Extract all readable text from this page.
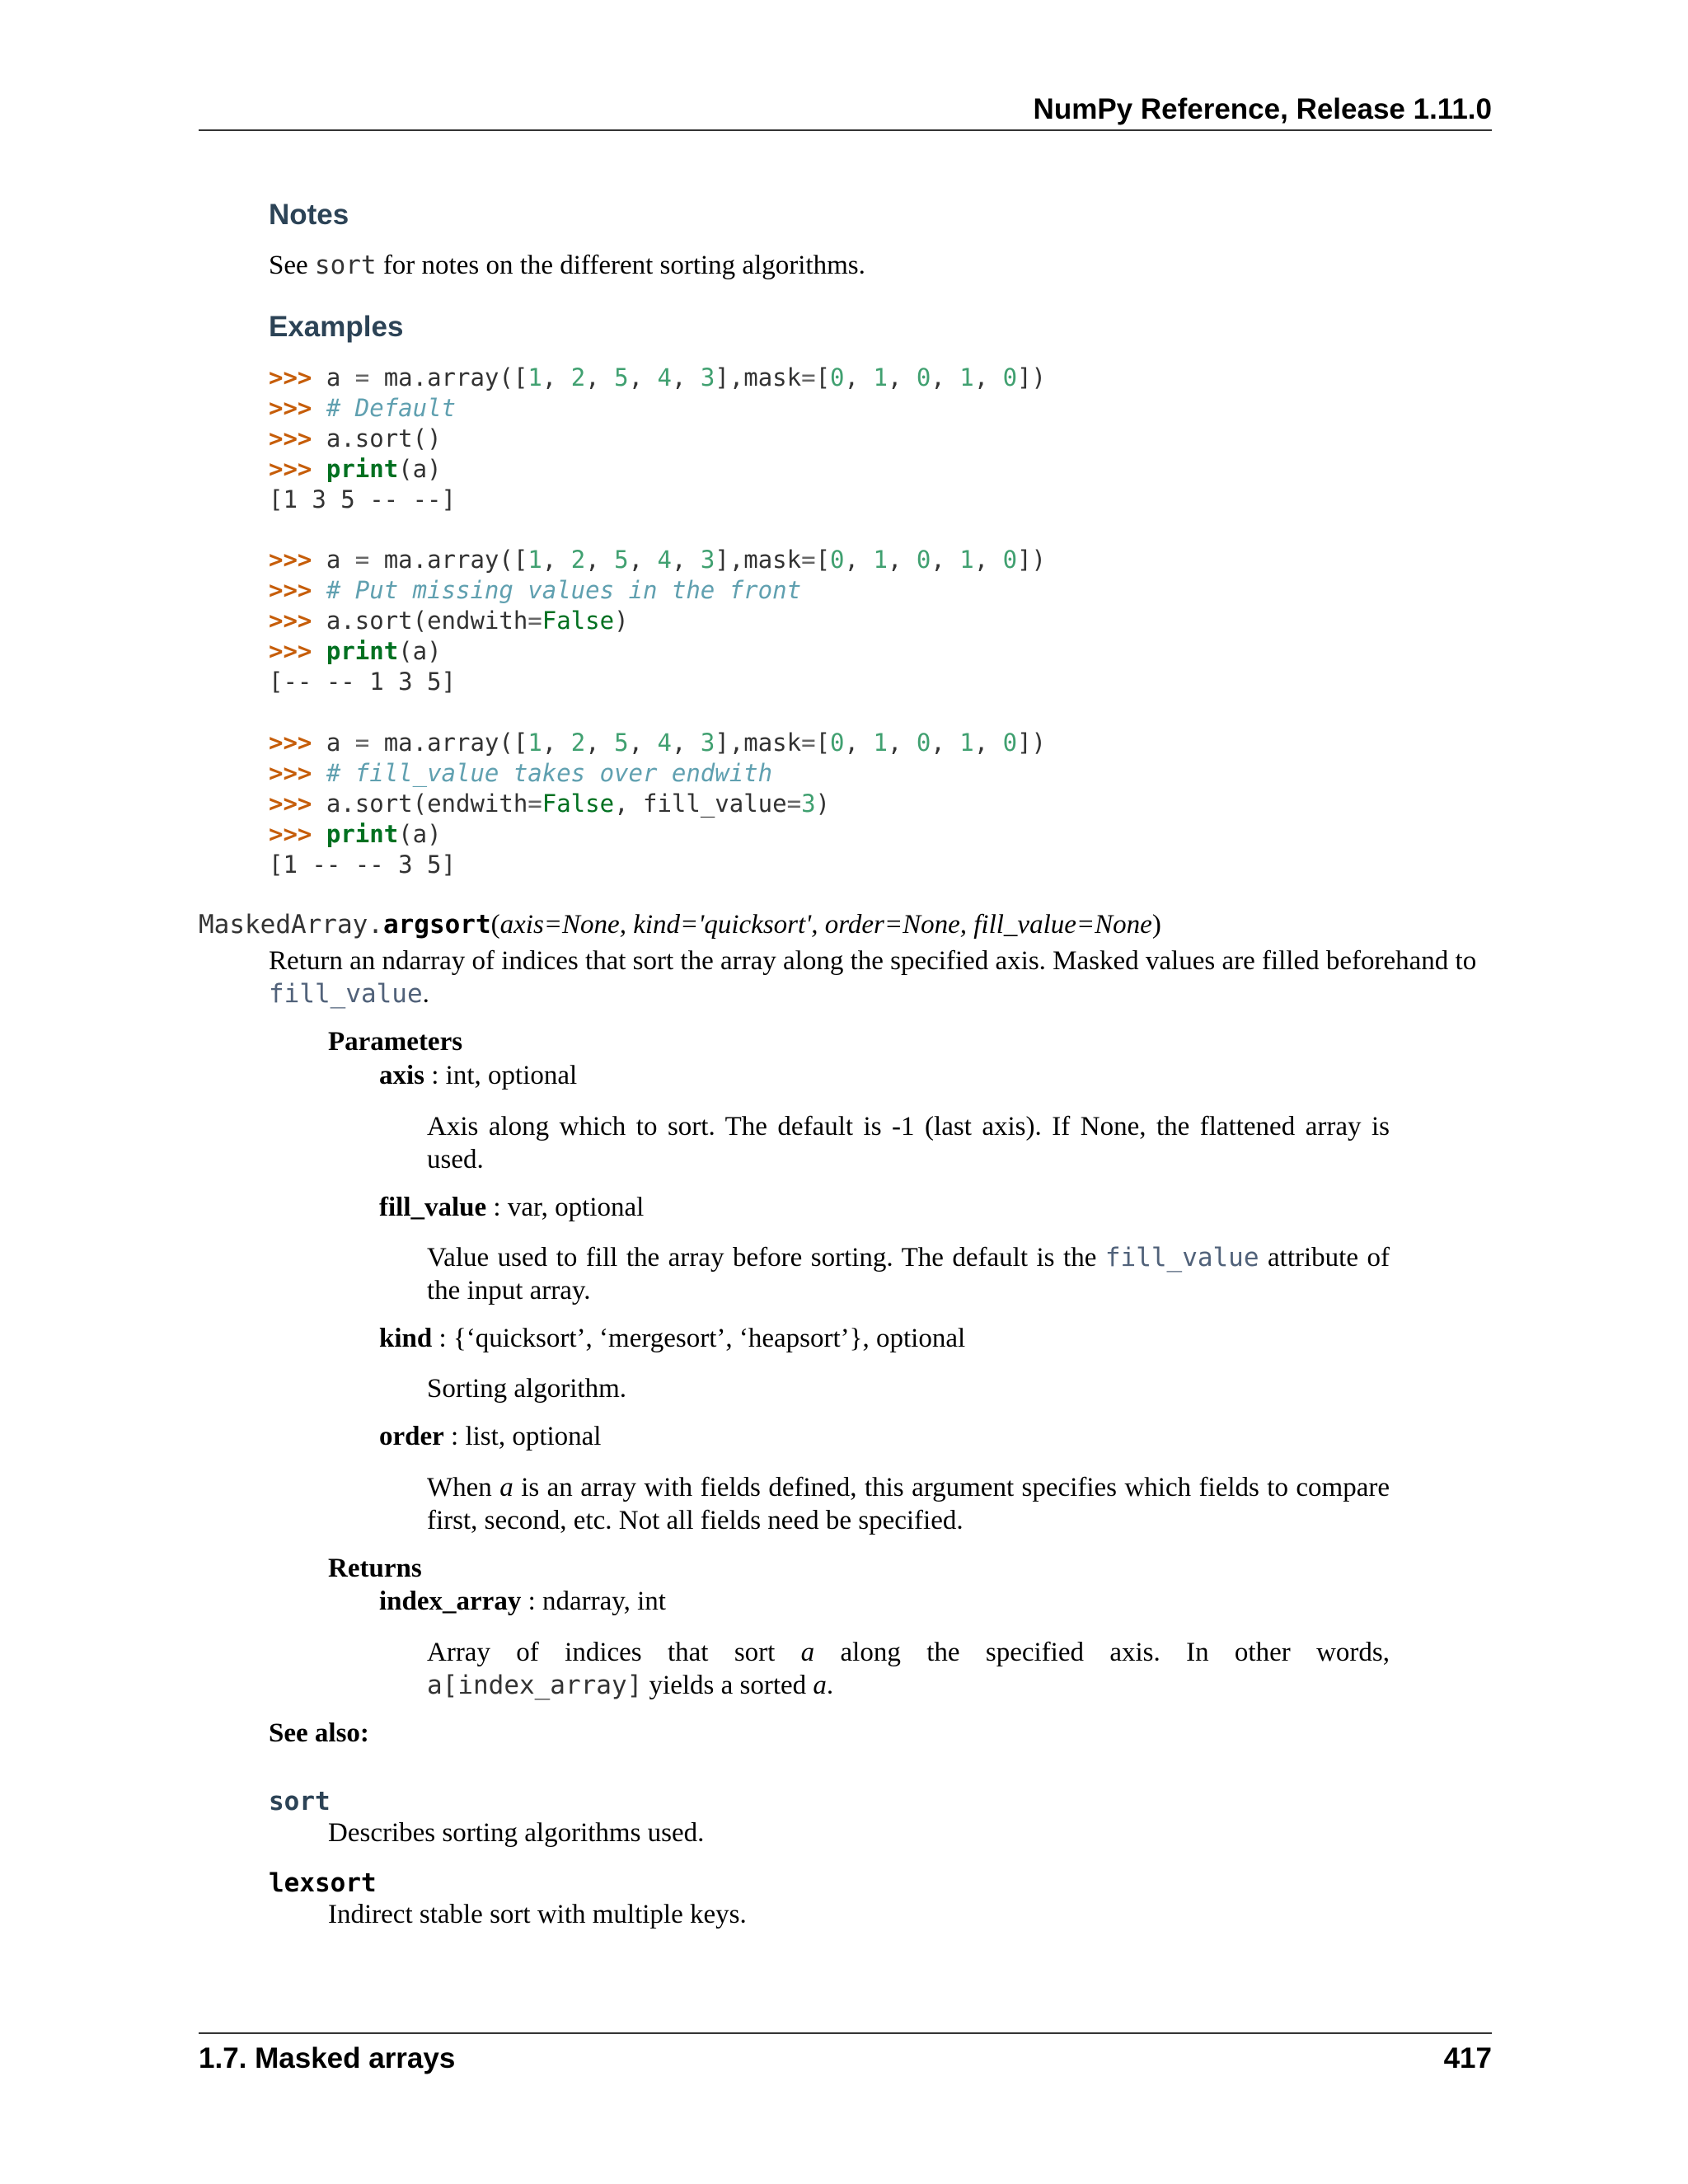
NumPy Reference, Release 1.11.0
Notes
See sort for notes on the different sorting algorithms.
Examples
>>> a = ma.array([1, 2, 5, 4, 3],mask=[0, 1, 0, 1, 0])
>>> # Default
>>> a.sort()
>>> print(a)
[1 3 5 -- --]
>>> a = ma.array([1, 2, 5, 4, 3],mask=[0, 1, 0, 1, 0])
>>> # Put missing values in the front
>>> a.sort(endwith=False)
>>> print(a)
[-- -- 1 3 5]
>>> a = ma.array([1, 2, 5, 4, 3],mask=[0, 1, 0, 1, 0])
>>> # fill_value takes over endwith
>>> a.sort(endwith=False, fill_value=3)
>>> print(a)
[1 -- -- 3 5]
MaskedArray.argsort(axis=None, kind='quicksort', order=None, fill_value=None)
Return an ndarray of indices that sort the array along the specified axis. Masked values are filled beforehand to
fill_value.
Parameters
axis : int, optional
Axis along which to sort. The default is -1 (last axis). If None, the flattened array is used.
fill_value : var, optional
Value used to fill the array before sorting. The default is the fill_value attribute of the input array.
kind : {‘quicksort’, ‘mergesort’, ‘heapsort’}, optional
Sorting algorithm.
order : list, optional
When a is an array with fields defined, this argument specifies which fields to compare first, second, etc. Not all fields need be specified.
Returns
index_array : ndarray, int
Array of indices that sort a along the specified axis. In other words,
a[index_array] yields a sorted a.
See also:
sort
Describes sorting algorithms used.
lexsort
Indirect stable sort with multiple keys.
1.7. Masked arrays	417
